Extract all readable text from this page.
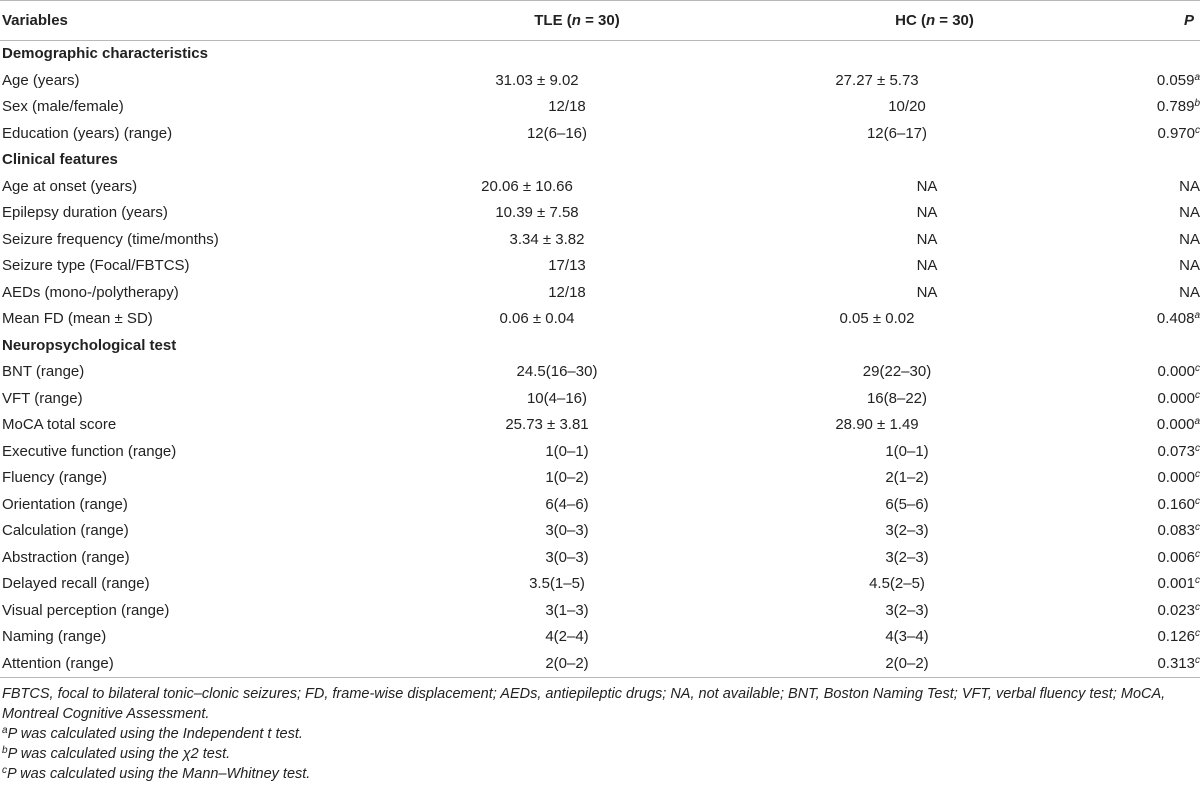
Variables	TLE (n = 30)	HC (n = 30)	P
Demographic characteristics			
Age (years)	31.03 ± 9.02	27.27 ± 5.73	0.059$^a$
Sex (male/female)	12/18	10/20	0.789$^b$
Education (years) (range)	12(6–16)	12(6–17)	0.970$^c$
Clinical features			
Age at onset (years)	20.06 ± 10.66	NA	NA
Epilepsy duration (years)	10.39 ± 7.58	NA	NA
Seizure frequency (time/months)	3.34 ± 3.82	NA	NA
Seizure type (Focal/FBTCS)	17/13	NA	NA
AEDs (mono-/polytherapy)	12/18	NA	NA
Mean FD (mean ± SD)	0.06 ± 0.04	0.05 ± 0.02	0.408$^a$
Neuropsychological test			
BNT (range)	24.5(16–30)	29(22–30)	0.000$^c$
VFT (range)	10(4–16)	16(8–22)	0.000$^c$
MoCA total score	25.73 ± 3.81	28.90 ± 1.49	0.000$^a$
Executive function (range)	1(0–1)	1(0–1)	0.073$^c$
Fluency (range)	1(0–2)	2(1–2)	0.000$^c$
Orientation (range)	6(4–6)	6(5–6)	0.160$^c$
Calculation (range)	3(0–3)	3(2–3)	0.083$^c$
Abstraction (range)	3(0–3)	3(2–3)	0.006$^c$
Delayed recall (range)	3.5(1–5)	4.5(2–5)	0.001$^c$
Visual perception (range)	3(1–3)	3(2–3)	0.023$^c$
Naming (range)	4(2–4)	4(3–4)	0.126$^c$
Attention (range)	2(0–2)	2(0–2)	0.313$^c$

FBTCS, focal to bilateral tonic–clonic seizures; FD, frame-wise displacement; AEDs, antiepileptic drugs; NA, not available; BNT, Boston Naming Test; VFT, verbal fluency test; MoCA, Montreal Cognitive Assessment.

$^a$P was calculated using the Independent t test.

$^b$P was calculated using the χ2 test.

$^c$P was calculated using the Mann–Whitney test.
